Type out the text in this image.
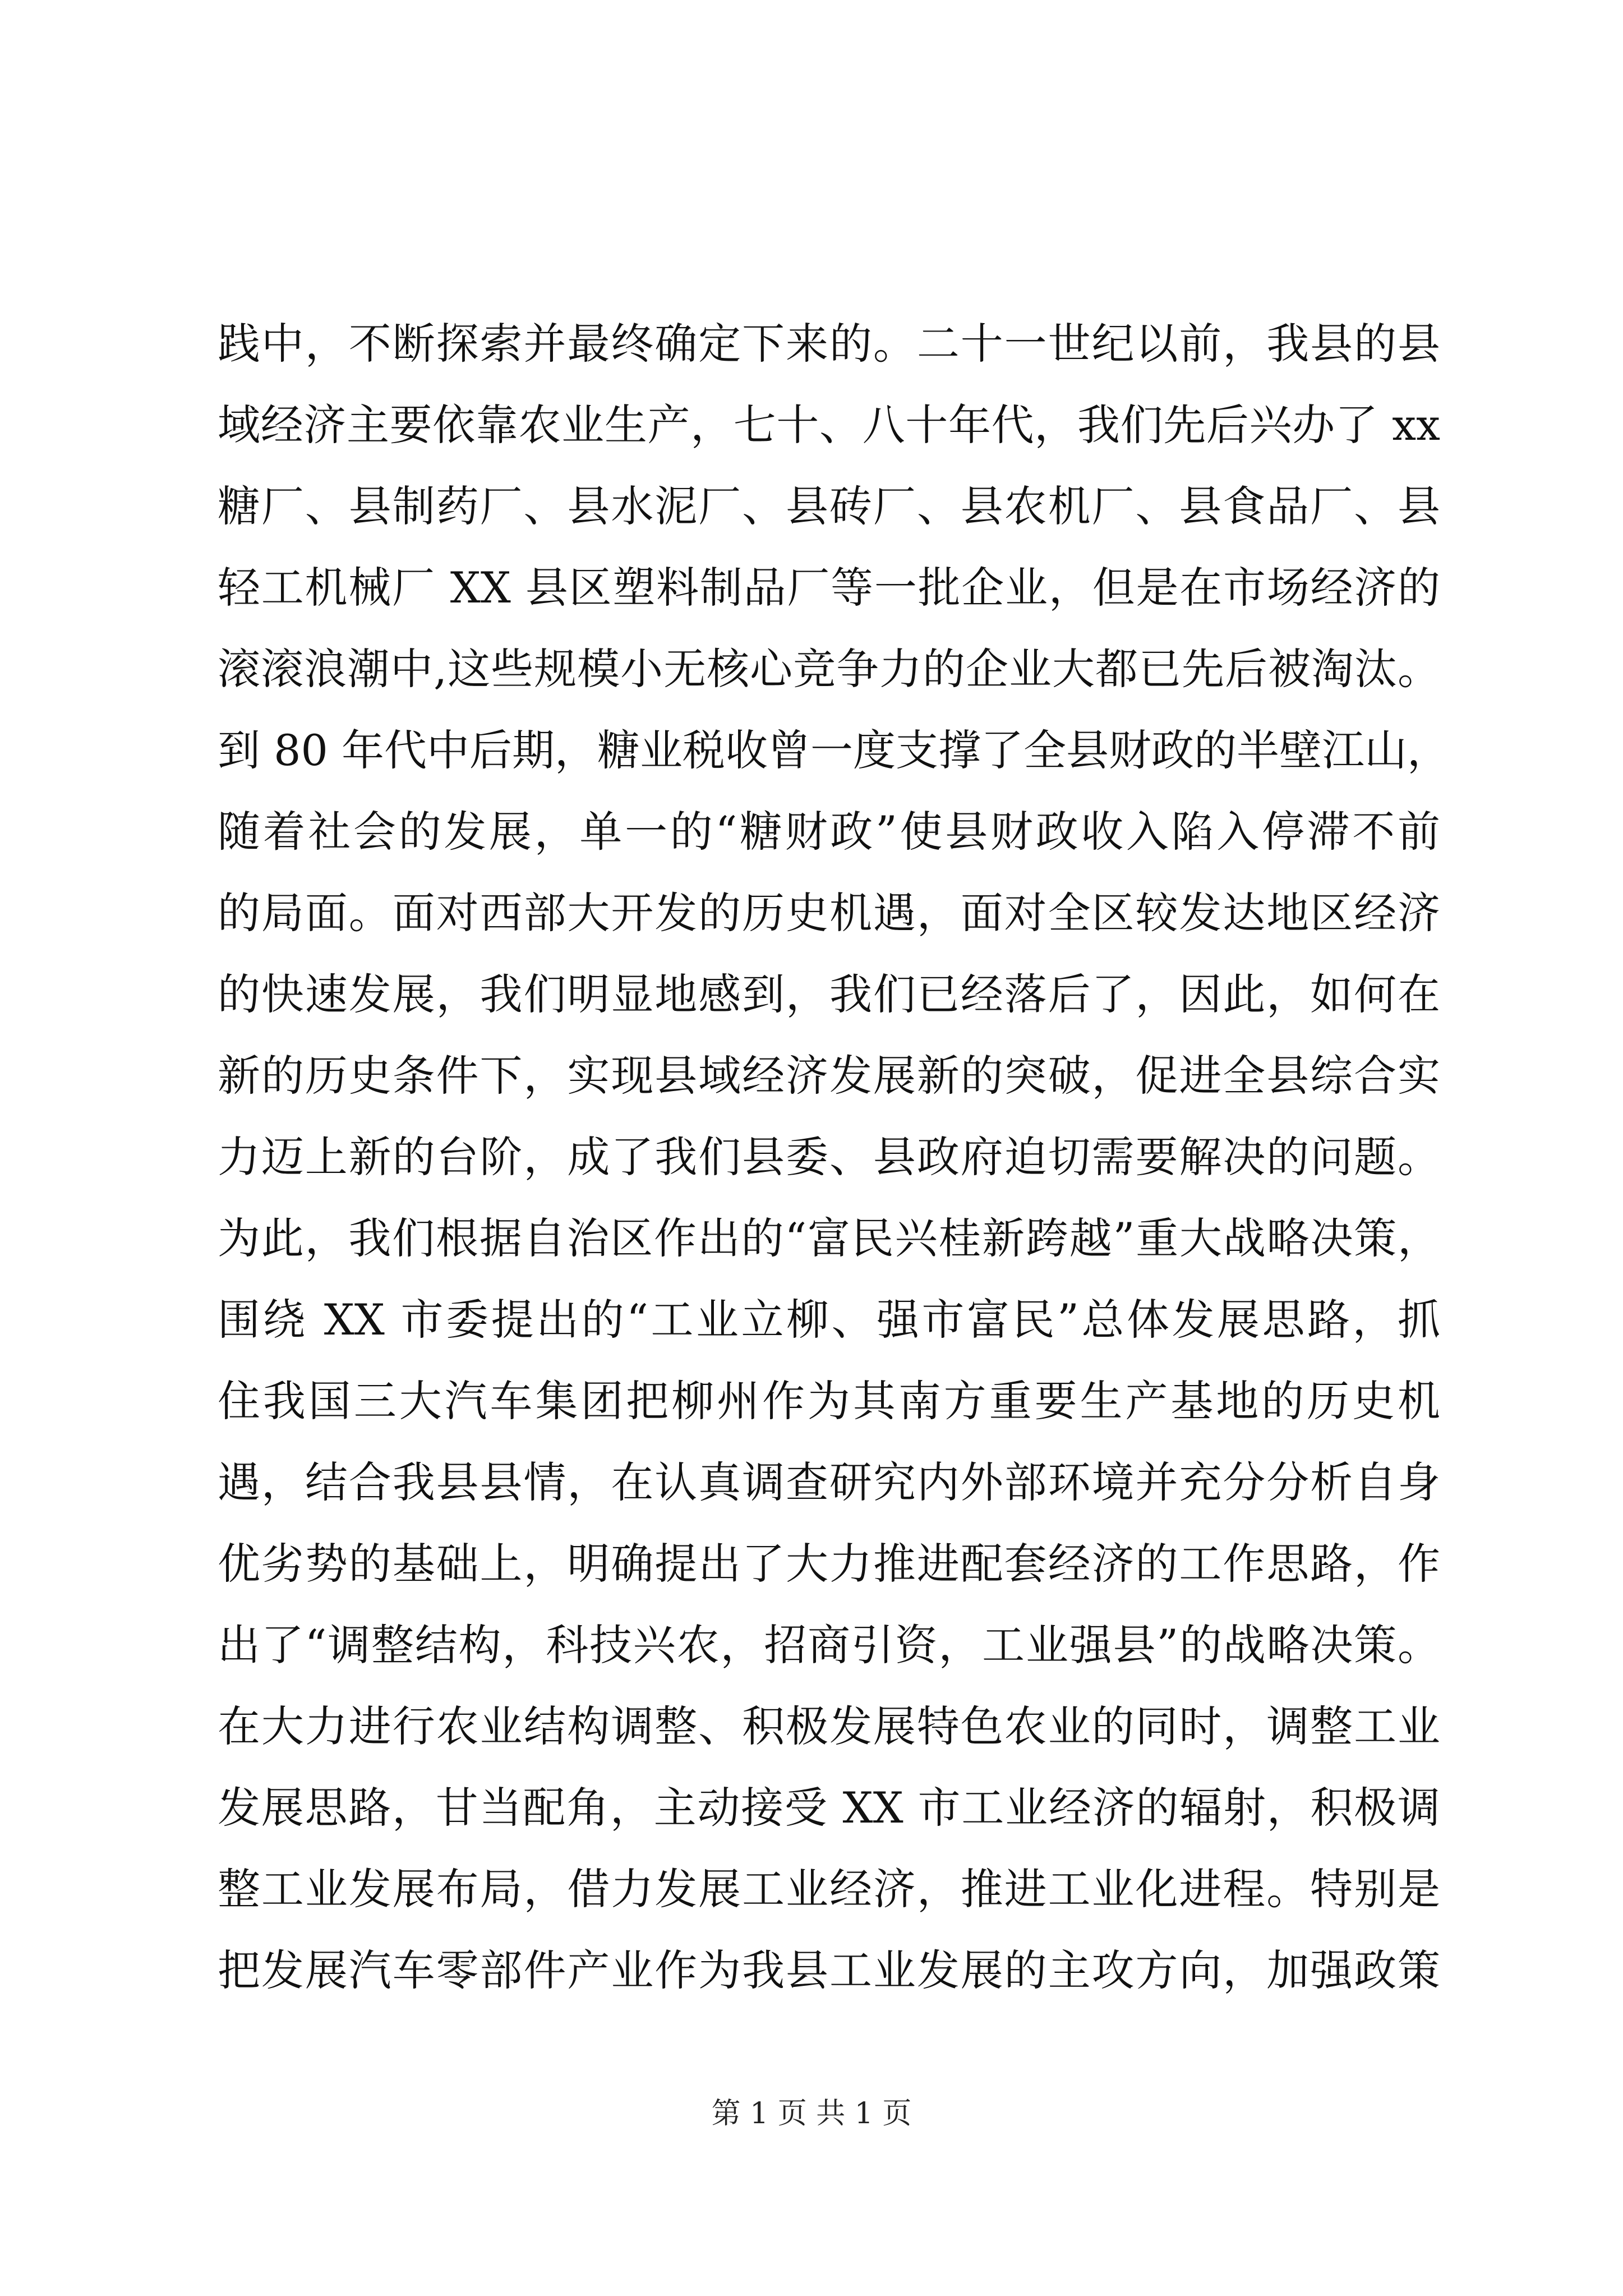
践中，不断探索并最终确定下来的。二十一世纪以前，我县的县
域经济主要依靠农业生产，七十、八十年代，我们先后兴办了 xx
糖厂、县制药厂、县水泥厂、县砖厂、县农机厂、县食品厂、县
轻工机械厂 XX 县区塑料制品厂等一批企业，但是在市场经济的
滚滚浪潮中,这些规模小无核心竞争力的企业大都已先后被淘汰。
到 80 年代中后期，糖业税收曾一度支撑了全县财政的半壁江山，
随着社会的发展，单一的“糖财政”使县财政收入陷入停滞不前
的局面。面对西部大开发的历史机遇，面对全区较发达地区经济
的快速发展，我们明显地感到，我们已经落后了，因此，如何在
新的历史条件下，实现县域经济发展新的突破，促进全县综合实
力迈上新的台阶，成了我们县委、县政府迫切需要解决的问题。
为此，我们根据自治区作出的“富民兴桂新跨越”重大战略决策，
围绕 XX 市委提出的“工业立柳、强市富民”总体发展思路，抓
住我国三大汽车集团把柳州作为其南方重要生产基地的历史机
遇，结合我县县情，在认真调查研究内外部环境并充分分析自身
优劣势的基础上，明确提出了大力推进配套经济的工作思路，作
出了“调整结构，科技兴农，招商引资，工业强县”的战略决策。
在大力进行农业结构调整、积极发展特色农业的同时，调整工业
发展思路，甘当配角，主动接受 XX 市工业经济的辐射，积极调
整工业发展布局，借力发展工业经济，推进工业化进程。特别是
把发展汽车零部件产业作为我县工业发展的主攻方向，加强政策
第 1 页 共 1 页
